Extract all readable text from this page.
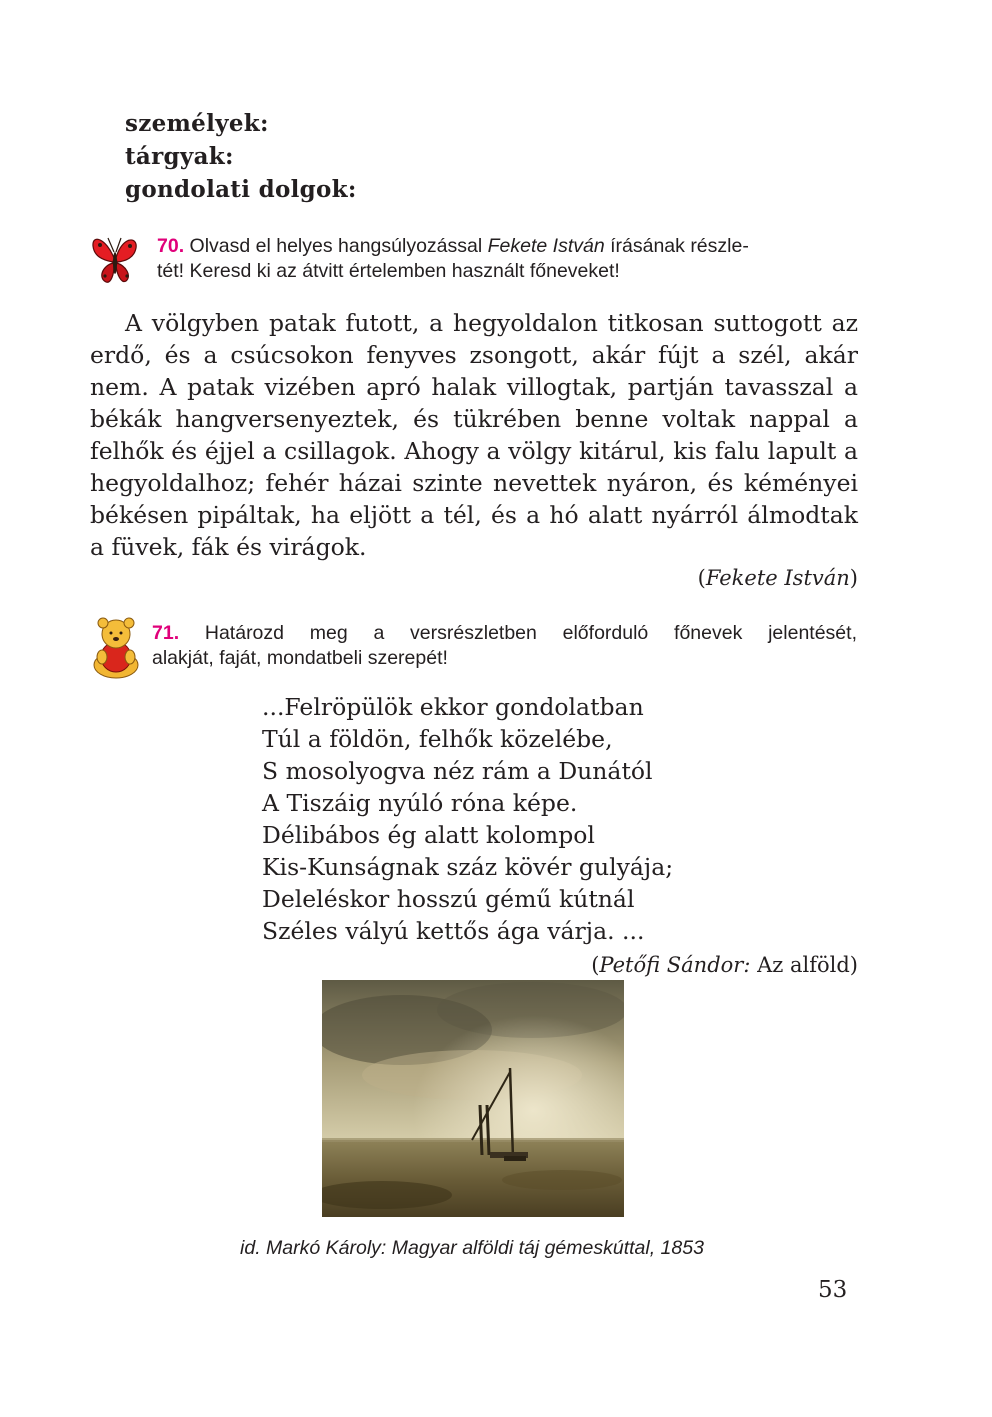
személyek:
tárgyak:
gondolati dolgok:
70. Olvasd el helyes hangsúlyozással Fekete István írásának részle-
tét! Keresd ki az átvitt értelemben használt főneveket!

A völgyben patak futott, a hegyoldalon titkosan suttogott az erdő, és a csúcsokon fenyves zsongott, akár fújt a szél, akár nem. A patak vizében apró halak villogtak, partján tavasszal a békák hangversenyeztek, és tükrében benne voltak nappal a felhők és éjjel a csillagok. Ahogy a völgy kitárul, kis falu lapult a hegyoldalhoz; fehér házai szinte nevettek nyáron, és kéményei békésen pipáltak, ha eljött a tél, és a hó alatt nyárról álmodtak a füvek, fák és virágok.

(Fekete István)
71. Határozd meg a versrészletben előforduló főnevek jelentését,
alakját, faját, mondatbeli szerepét!
...Felröpülök ekkor gondolatban
Túl a földön, felhők közelébe,
S mosolyogva néz rám a Dunától
A Tiszáig nyúló róna képe.
Délibábos ég alatt kolompol
Kis-Kunságnak száz kövér gulyája;
Deleléskor hosszú gémű kútnál
Széles vályú kettős ága várja. ...
(Petőfi Sándor: Az alföld)
id. Markó Károly: Magyar alföldi táj gémeskúttal, 1853
53
